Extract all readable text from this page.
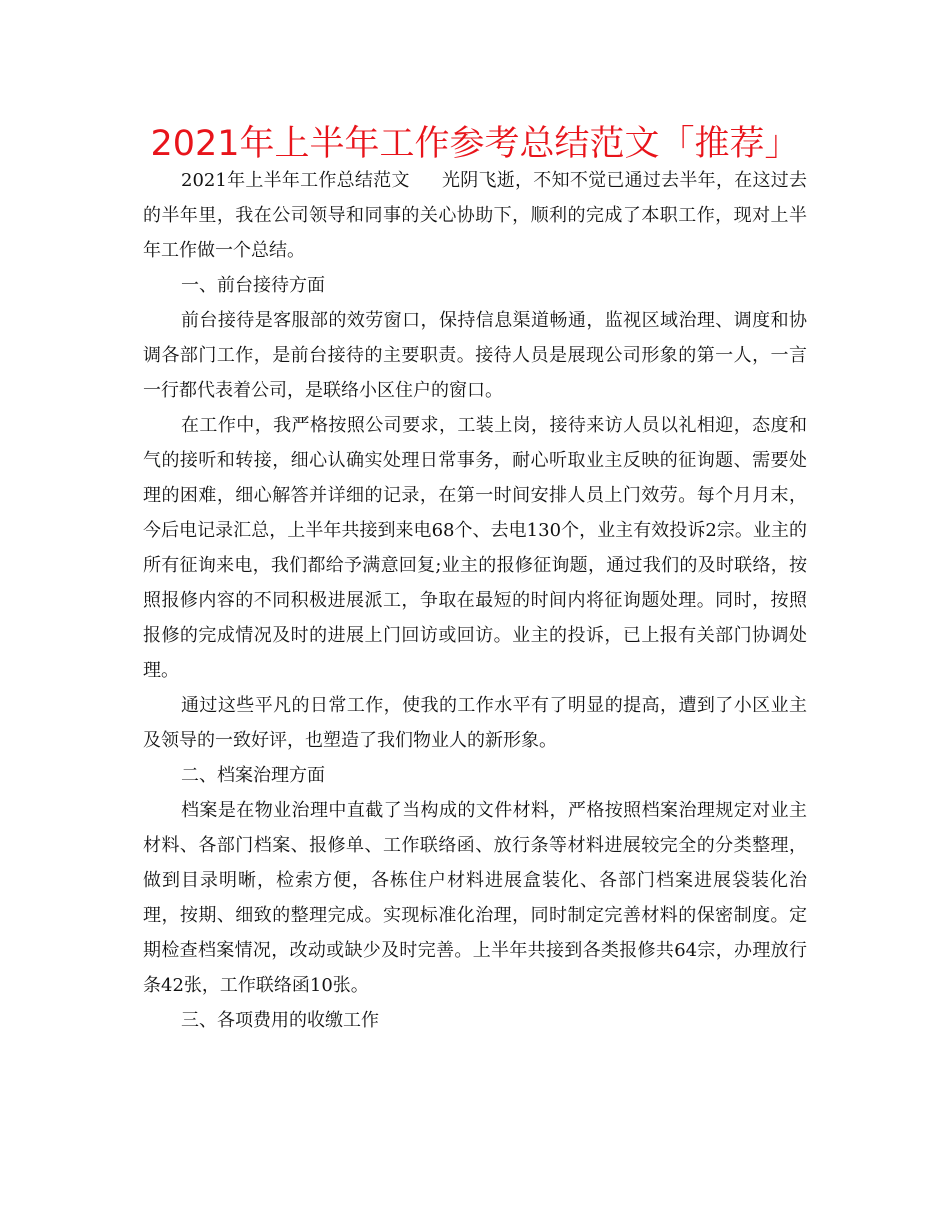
2021年上半年工作参考总结范文「推荐」

2021年上半年工作总结范文 光阴飞逝，不知不觉已通过去半年，在这过去的半年里，我在公司领导和同事的关心协助下，顺利的完成了本职工作，现对上半年工作做一个总结。

一、前台接待方面

前台接待是客服部的效劳窗口，保持信息渠道畅通，监视区域治理、调度和协调各部门工作，是前台接待的主要职责。接待人员是展现公司形象的第一人，一言一行都代表着公司，是联络小区住户的窗口。

在工作中，我严格按照公司要求，工装上岗，接待来访人员以礼相迎，态度和气的接听和转接，细心认确实处理日常事务，耐心听取业主反映的征询题、需要处理的困难，细心解答并详细的记录，在第一时间安排人员上门效劳。每个月月末，今后电记录汇总，上半年共接到来电68个、去电130个，业主有效投诉2宗。业主的所有征询来电，我们都给予满意回复;业主的报修征询题，通过我们的及时联络，按照报修内容的不同积极进展派工，争取在最短的时间内将征询题处理。同时，按照报修的完成情况及时的进展上门回访或回访。业主的投诉，已上报有关部门协调处理。

通过这些平凡的日常工作，使我的工作水平有了明显的提高，遭到了小区业主及领导的一致好评，也塑造了我们物业人的新形象。

二、档案治理方面

档案是在物业治理中直截了当构成的文件材料，严格按照档案治理规定对业主材料、各部门档案、报修单、工作联络函、放行条等材料进展较完全的分类整理，做到目录明晰，检索方便，各栋住户材料进展盒装化、各部门档案进展袋装化治理，按期、细致的整理完成。实现标准化治理，同时制定完善材料的保密制度。定期检查档案情况，改动或缺少及时完善。上半年共接到各类报修共64宗，办理放行条42张，工作联络函10张。

三、各项费用的收缴工作
